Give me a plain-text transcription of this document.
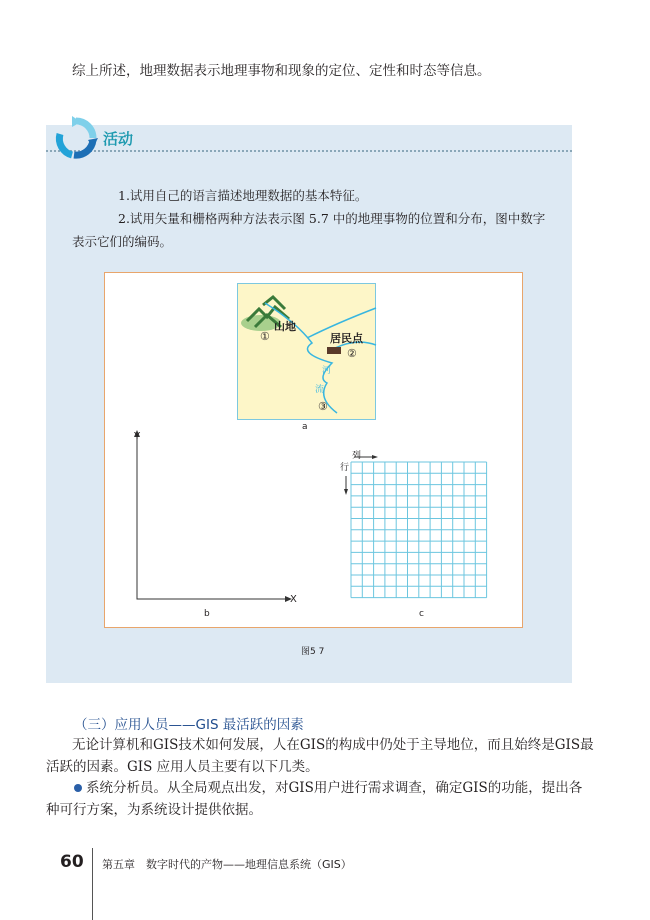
综上所述，地理数据表示地理事物和现象的定位、定性和时态等信息。
活动
1.试用自己的语言描述地理数据的基本特征。
2.试用矢量和栅格两种方法表示图 5.7 中的地理事物的位置和分布，图中数字
表示它们的编码。
山地
①	居民点
②
河
流
③
a
Y
X
b
列
行
c
图5 7
（三）应用人员——GIS 最活跃的因素
无论计算机和GIS技术如何发展，人在GIS的构成中仍处于主导地位，而且始终是GIS最
活跃的因素。GIS 应用人员主要有以下几类。
系统分析员。从全局观点出发，对GIS用户进行需求调查，确定GIS的功能，提出各
种可行方案，为系统设计提供依据。
60 第五章　数字时代的产物——地理信息系统（GIS）
